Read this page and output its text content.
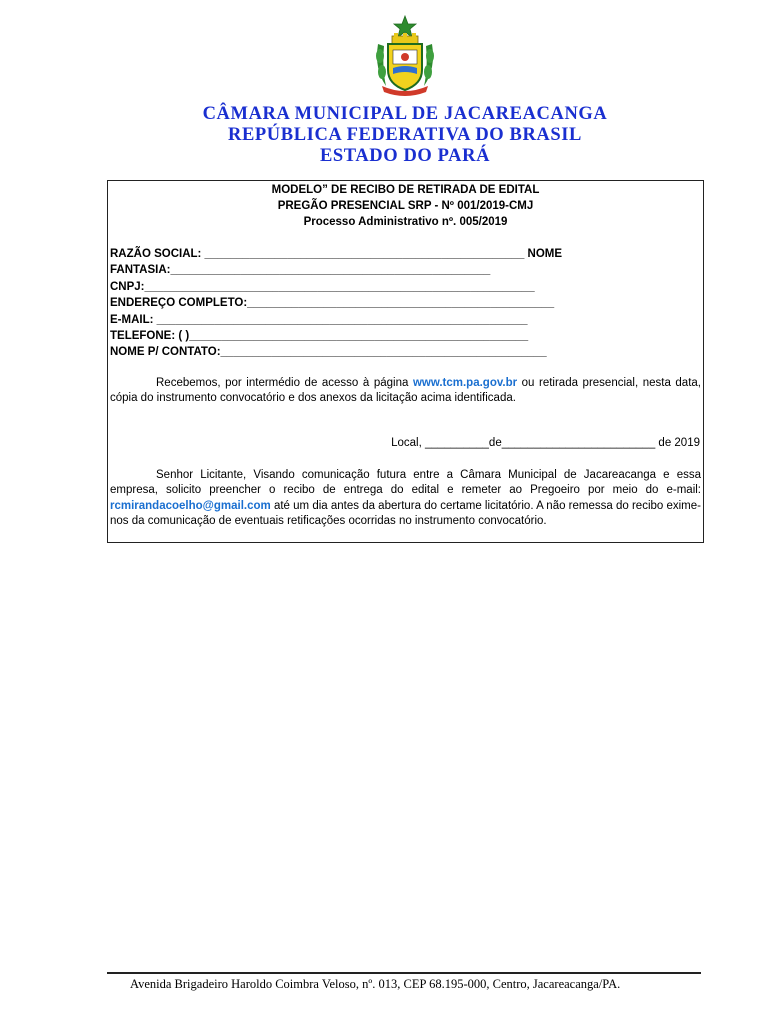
CÂMARA MUNICIPAL DE JACAREACANGA
REPÚBLICA FEDERATIVA DO BRASIL
ESTADO DO PARÁ
MODELO” DE RECIBO DE RETIRADA DE EDITAL
PREGÃO PRESENCIAL SRP - Nº 001/2019-CMJ
Processo Administrativo nº. 005/2019
RAZÃO SOCIAL: __________________________________________________ NOME
FANTASIA:__________________________________________________
CNPJ:_____________________________________________________________
ENDEREÇO COMPLETO:________________________________________________
E-MAIL: __________________________________________________________
TELEFONE: ( )_____________________________________________________
NOME P/ CONTATO:___________________________________________________
Recebemos, por intermédio de acesso à página www.tcm.pa.gov.br ou retirada presencial, nesta data, cópia do instrumento convocatório e dos anexos da licitação acima identificada.
Local, __________de________________________ de 2019
Senhor Licitante, Visando comunicação futura entre a Câmara Municipal de Jacareacanga e essa empresa, solicito preencher o recibo de entrega do edital e remeter ao Pregoeiro por meio do e-mail: rcmirandacoelho@gmail.com até um dia antes da abertura do certame licitatório. A não remessa do recibo exime-nos da comunicação de eventuais retificações ocorridas no instrumento convocatório.
Avenida Brigadeiro Haroldo Coimbra Veloso, nº. 013, CEP 68.195-000, Centro, Jacareacanga/PA.
